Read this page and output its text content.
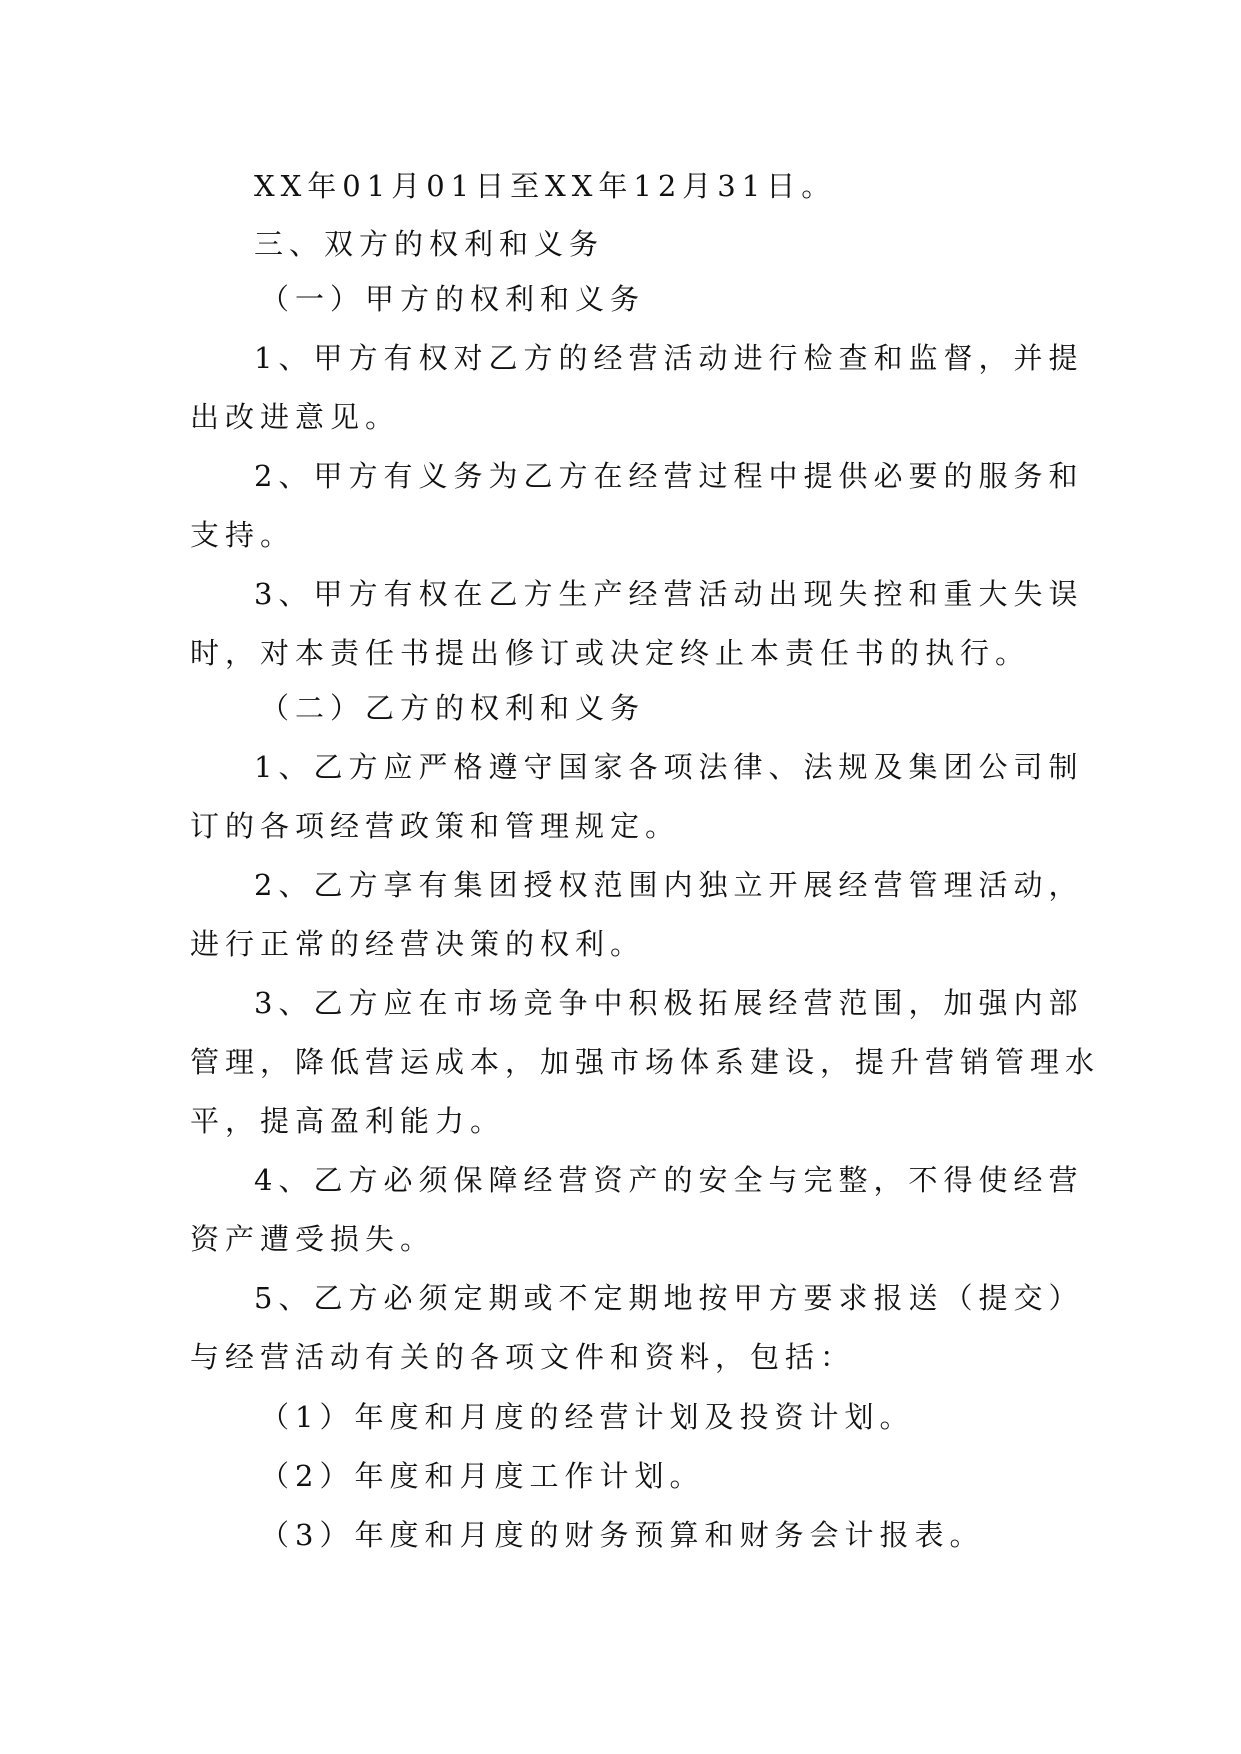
XX年01月01日至XX年12月31日。
三、双方的权利和义务
（一）甲方的权利和义务
1、甲方有权对乙方的经营活动进行检查和监督，并提
出改进意见。
2、甲方有义务为乙方在经营过程中提供必要的服务和
支持。
3、甲方有权在乙方生产经营活动出现失控和重大失误
时，对本责任书提出修订或决定终止本责任书的执行。
（二）乙方的权利和义务
1、乙方应严格遵守国家各项法律、法规及集团公司制
订的各项经营政策和管理规定。
2、乙方享有集团授权范围内独立开展经营管理活动，
进行正常的经营决策的权利。
3、乙方应在市场竞争中积极拓展经营范围，加强内部
管理，降低营运成本，加强市场体系建设，提升营销管理水
平，提高盈利能力。
4、乙方必须保障经营资产的安全与完整，不得使经营
资产遭受损失。
5、乙方必须定期或不定期地按甲方要求报送（提交）
与经营活动有关的各项文件和资料，包括：
（1）年度和月度的经营计划及投资计划。
（2）年度和月度工作计划。
（3）年度和月度的财务预算和财务会计报表。
